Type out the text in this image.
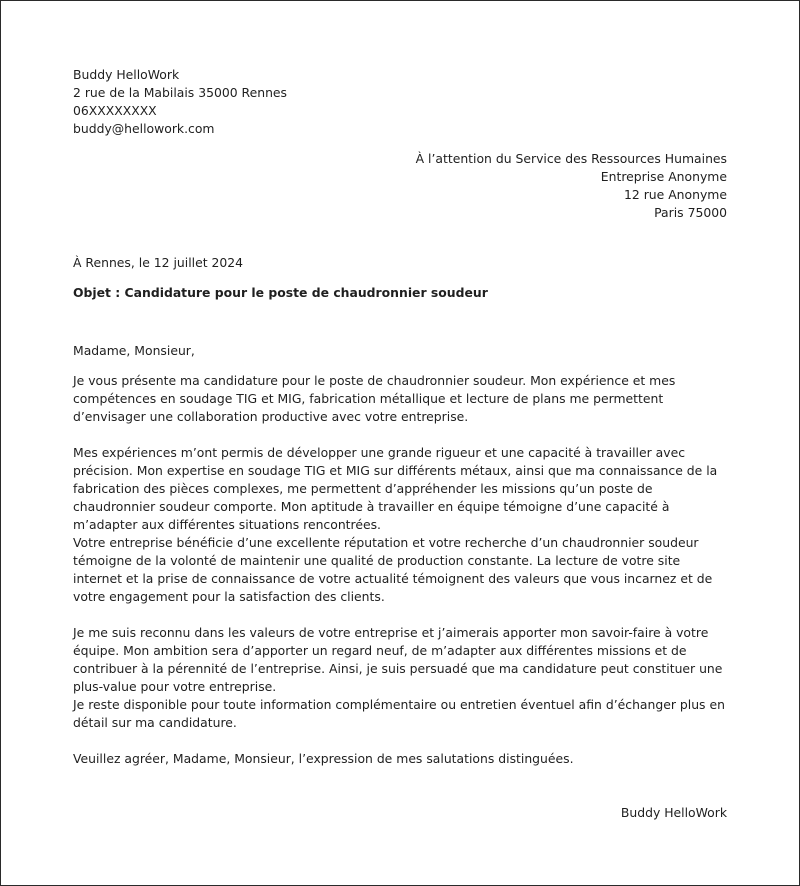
Buddy HelloWork
2 rue de la Mabilais 35000 Rennes
06XXXXXXXX
buddy@hellowork.com
À l’attention du Service des Ressources Humaines
Entreprise Anonyme
12 rue Anonyme
Paris 75000
À Rennes, le 12 juillet 2024
Objet : Candidature pour le poste de chaudronnier soudeur
Madame, Monsieur,
Je vous présente ma candidature pour le poste de chaudronnier soudeur. Mon expérience et mes compétences en soudage TIG et MIG, fabrication métallique et lecture de plans me permettent d’envisager une collaboration productive avec votre entreprise.
Mes expériences m’ont permis de développer une grande rigueur et une capacité à travailler avec précision. Mon expertise en soudage TIG et MIG sur différents métaux, ainsi que ma connaissance de la fabrication des pièces complexes, me permettent d’appréhender les missions qu’un poste de chaudronnier soudeur comporte. Mon aptitude à travailler en équipe témoigne d’une capacité à m’adapter aux différentes situations rencontrées.
Votre entreprise bénéficie d’une excellente réputation et votre recherche d’un chaudronnier soudeur témoigne de la volonté de maintenir une qualité de production constante. La lecture de votre site internet et la prise de connaissance de votre actualité témoignent des valeurs que vous incarnez et de votre engagement pour la satisfaction des clients.
Je me suis reconnu dans les valeurs de votre entreprise et j’aimerais apporter mon savoir-faire à votre équipe. Mon ambition sera d’apporter un regard neuf, de m’adapter aux différentes missions et de contribuer à la pérennité de l’entreprise. Ainsi, je suis persuadé que ma candidature peut constituer une plus-value pour votre entreprise.
Je reste disponible pour toute information complémentaire ou entretien éventuel afin d’échanger plus en détail sur ma candidature.
Veuillez agréer, Madame, Monsieur, l’expression de mes salutations distinguées.
Buddy HelloWork
